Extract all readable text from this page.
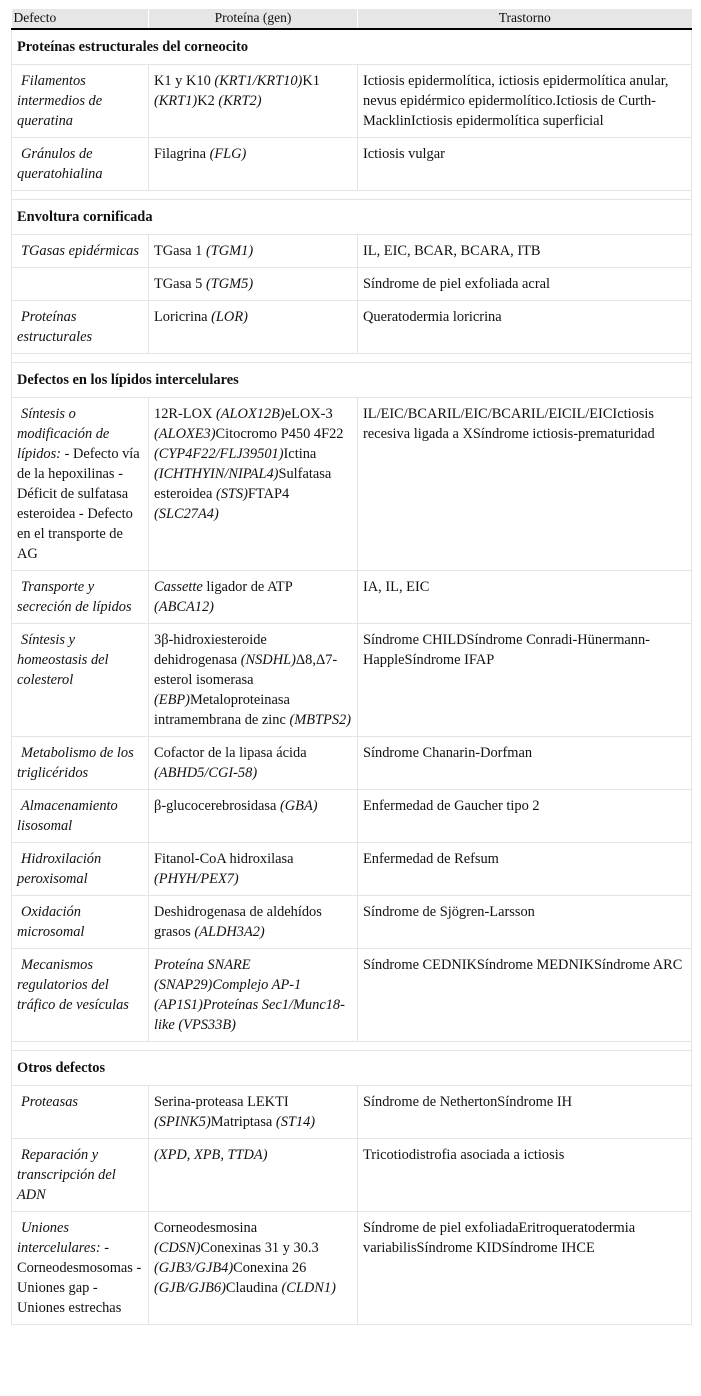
Defecto	Proteína (gen)	Trastorno
Proteínas estructurales del corneocito		
Filamentos intermedios de queratina	K1 y K10 (KRT1/KRT10)K1 (KRT1)K2 (KRT2)	Ictiosis epidermolítica, ictiosis epidermolítica anular, nevus epidérmico epidermolítico.Ictiosis de Curth-MacklinIctiosis epidermolítica superficial
Gránulos de queratohialina	Filagrina (FLG)	Ictiosis vulgar

Envoltura cornificada		
TGasas epidérmicas	TGasa 1 (TGM1)	IL, EIC, BCAR, BCARA, ITB
	TGasa 5 (TGM5)	Síndrome de piel exfoliada acral
Proteínas estructurales	Loricrina (LOR)	Queratodermia loricrina

Defectos en los lípidos intercelulares		
Síntesis o modificación de lípidos: - Defecto vía de la hepoxilinas - Déficit de sulfatasa esteroidea - Defecto en el transporte de AG	12R-LOX (ALOX12B)eLOX-3 (ALOXE3)Citocromo P450 4F22 (CYP4F22/FLJ39501)Ictina (ICHTHYIN/NIPAL4)Sulfatasa esteroidea (STS)FTAP4 (SLC27A4)	IL/EIC/BCARIL/EIC/BCARIL/EICIL/EICIctiosis recesiva ligada a XSíndrome ictiosis-prematuridad
Transporte y secreción de lípidos	Cassette ligador de ATP (ABCA12)	IA, IL, EIC
Síntesis y homeostasis del colesterol	3β-hidroxiesteroide dehidrogenasa (NSDHL)Δ8,Δ7-esterol isomerasa (EBP)Metaloproteinasa intramembrana de zinc (MBTPS2)	Síndrome CHILDSíndrome Conradi-Hünermann-HappleSíndrome IFAP
Metabolismo de los triglicéridos	Cofactor de la lipasa ácida (ABHD5/CGI-58)	Síndrome Chanarin-Dorfman
Almacenamiento lisosomal	β-glucocerebrosidasa (GBA)	Enfermedad de Gaucher tipo 2
Hidroxilación peroxisomal	Fitanol-CoA hidroxilasa (PHYH/PEX7)	Enfermedad de Refsum
Oxidación microsomal	Deshidrogenasa de aldehídos grasos (ALDH3A2)	Síndrome de Sjögren-Larsson
Mecanismos regulatorios del tráfico de vesículas	Proteína SNARE (SNAP29)Complejo AP-1 (AP1S1)Proteínas Sec1/Munc18-like (VPS33B)	Síndrome CEDNIKSíndrome MEDNIKSíndrome ARC

Otros defectos		
Proteasas	Serina-proteasa LEKTI (SPINK5)Matriptasa (ST14)	Síndrome de NethertonSíndrome IH
Reparación y transcripción del ADN	(XPD, XPB, TTDA)	Tricotiodistrofia asociada a ictiosis
Uniones intercelulares: - Corneodesmosomas - Uniones gap - Uniones estrechas	Corneodesmosina (CDSN)Conexinas 31 y 30.3 (GJB3/GJB4)Conexina 26 (GJB/GJB6)Claudina (CLDN1)	Síndrome de piel exfoliadaEritroqueratodermia variabilisSíndrome KIDSíndrome IHCE
